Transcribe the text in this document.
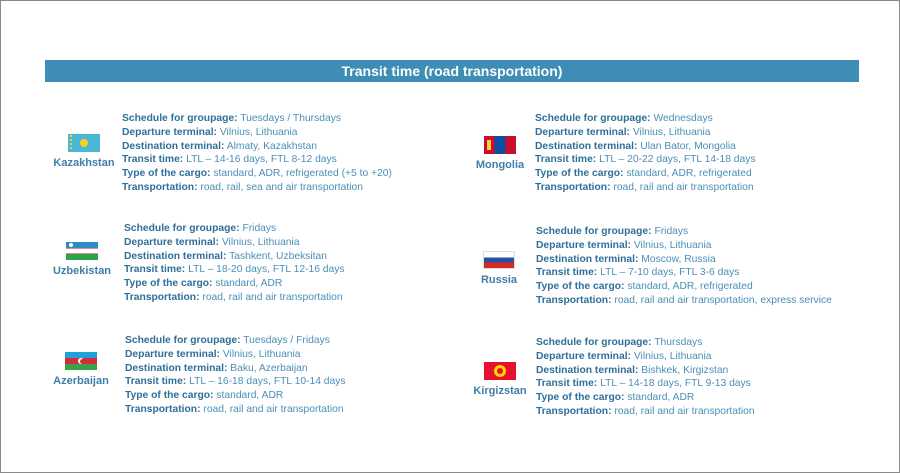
Transit time (road transportation)
Kazakhstan
Schedule for groupage: Tuesdays / Thursdays
Departure terminal: Vilnius, Lithuania
Destination terminal: Almaty, Kazakhstan
Transit time: LTL – 14-16 days, FTL 8-12 days
Type of the cargo: standard, ADR, refrigerated (+5 to +20)
Transportation: road, rail, sea and air transportation
Mongolia
Schedule for groupage: Wednesdays
Departure terminal: Vilnius, Lithuania
Destination terminal: Ulan Bator, Mongolia
Transit time: LTL – 20-22 days, FTL 14-18 days
Type of the cargo: standard, ADR, refrigerated
Transportation: road, rail and air transportation
Uzbekistan
Schedule for groupage: Fridays
Departure terminal: Vilnius, Lithuania
Destination terminal: Tashkent, Uzbeksitan
Transit time: LTL – 18-20 days, FTL 12-16 days
Type of the cargo: standard, ADR
Transportation: road, rail and air transportation
Russia
Schedule for groupage: Fridays
Departure terminal: Vilnius, Lithuania
Destination terminal: Moscow, Russia
Transit time: LTL – 7-10 days, FTL 3-6 days
Type of the cargo: standard, ADR, refrigerated
Transportation: road, rail and air transportation, express service
Azerbaijan
Schedule for groupage: Tuesdays / Fridays
Departure terminal: Vilnius, Lithuania
Destination terminal: Baku, Azerbaijan
Transit time: LTL – 16-18 days, FTL 10-14 days
Type of the cargo: standard, ADR
Transportation: road, rail and air transportation
Kirgizstan
Schedule for groupage: Thursdays
Departure terminal: Vilnius, Lithuania
Destination terminal: Bishkek, Kirgizstan
Transit time: LTL – 14-18 days, FTL 9-13 days
Type of the cargo: standard, ADR
Transportation: road, rail and air transportation
